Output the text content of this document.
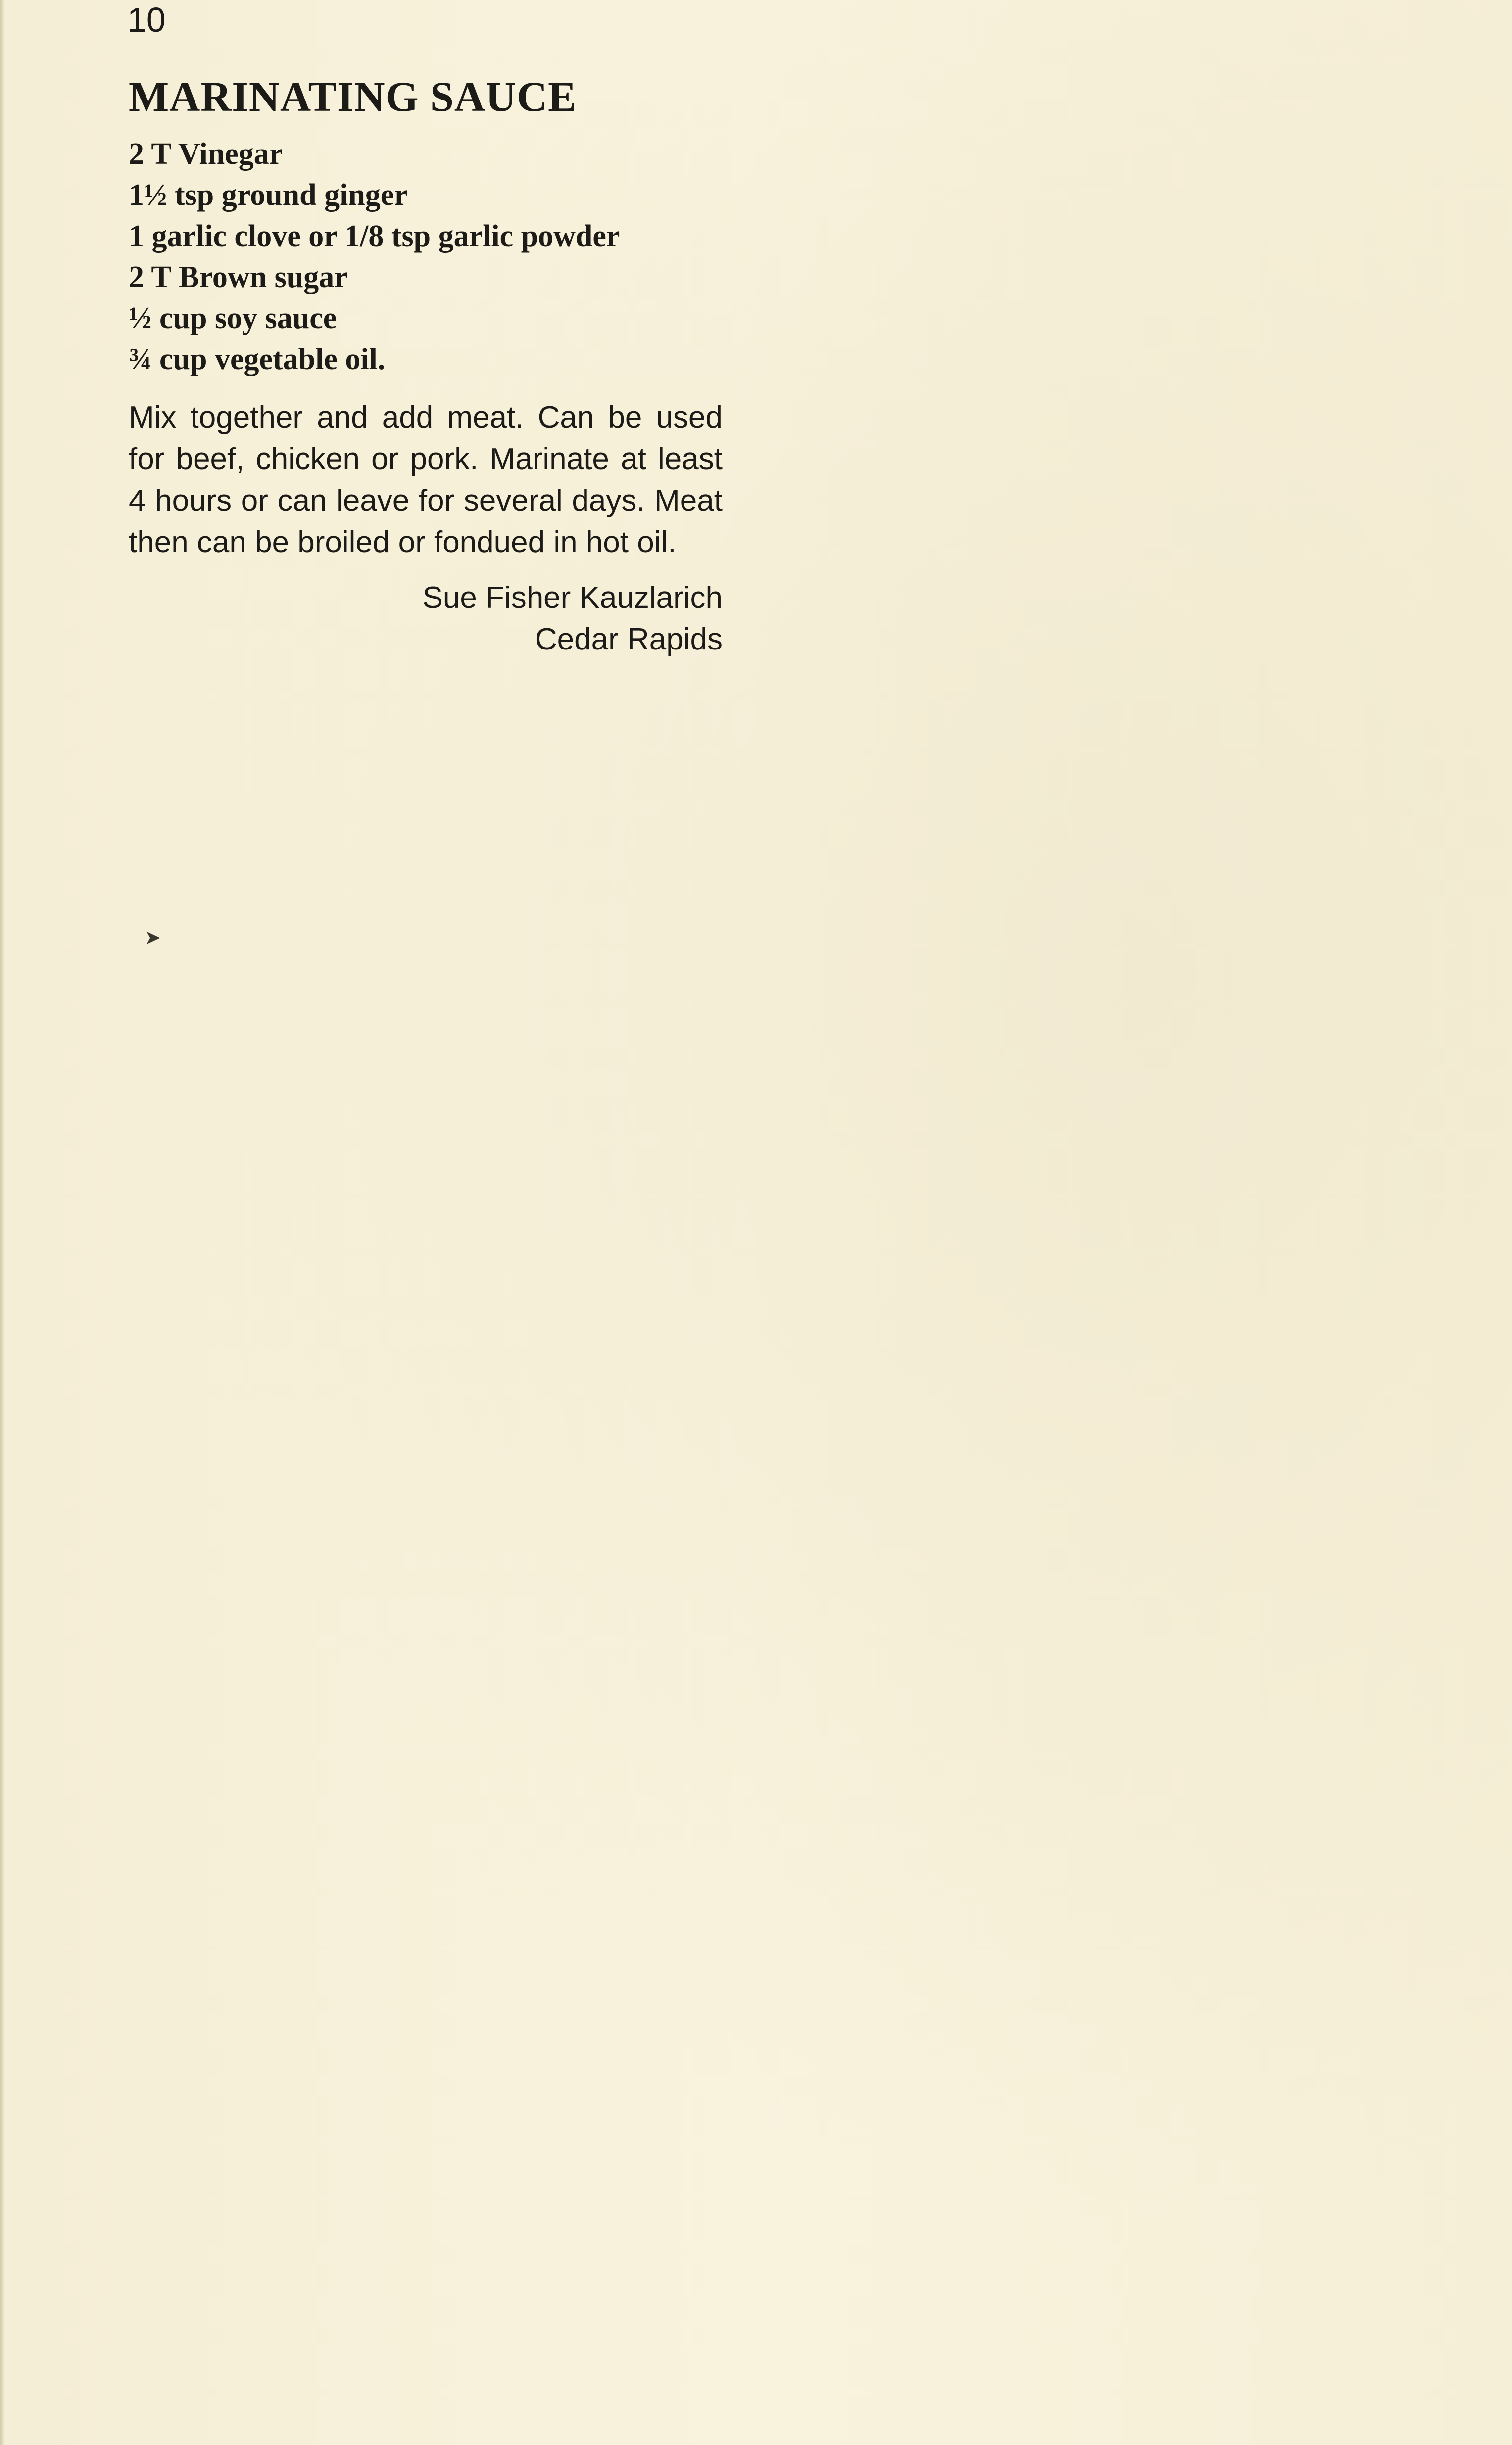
10
MARINATING SAUCE
2 T Vinegar
1½ tsp ground ginger
1 garlic clove or 1/8 tsp garlic powder
2 T Brown sugar
½ cup soy sauce
¾ cup vegetable oil.

Mix together and add meat. Can be used for beef, chicken or pork. Marinate at least 4 hours or can leave for several days. Meat then can be broiled or fondued in hot oil.

Sue Fisher Kauzlarich
Cedar Rapids
➤
